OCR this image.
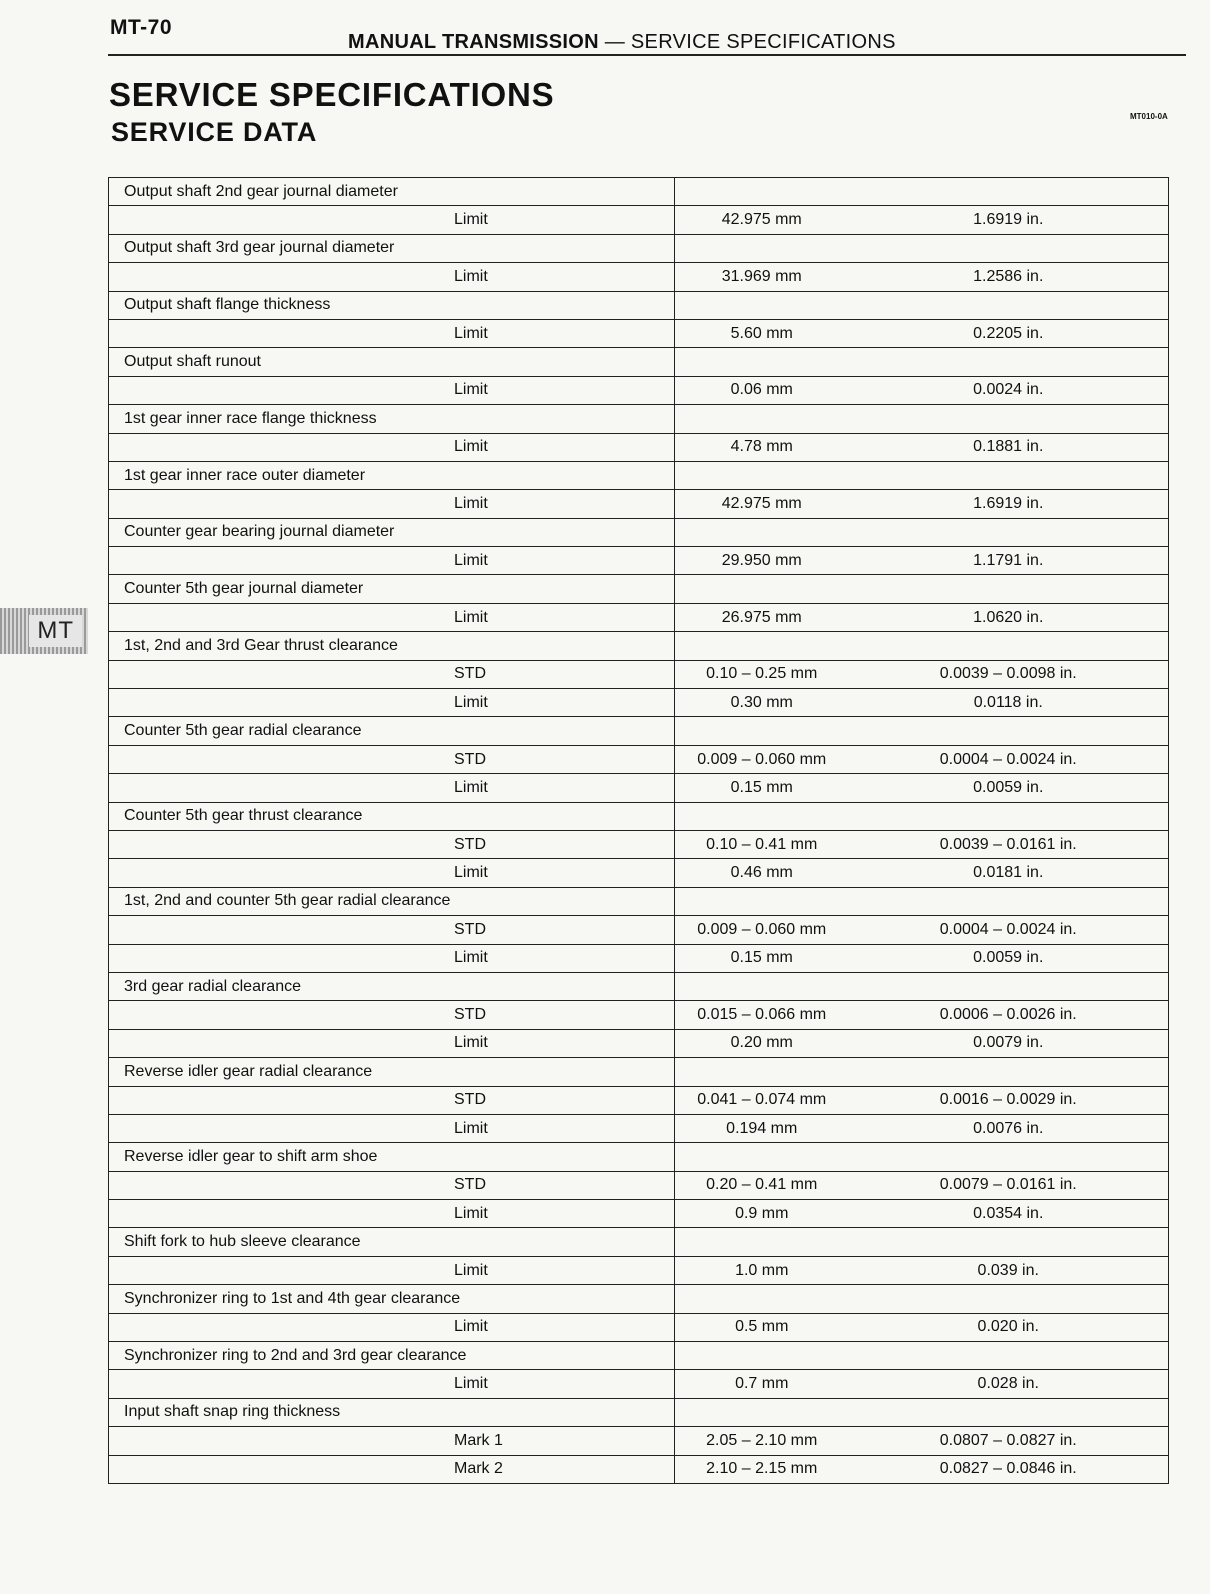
MT-70
MANUAL TRANSMISSION — SERVICE SPECIFICATIONS
SERVICE SPECIFICATIONS
SERVICE DATA
MT010-0A
MT
Output shaft 2nd gear journal diameter		
Limit	42.975 mm	1.6919 in.
Output shaft 3rd gear journal diameter		
Limit	31.969 mm	1.2586 in.
Output shaft flange thickness		
Limit	5.60 mm	0.2205 in.
Output shaft runout		
Limit	0.06 mm	0.0024 in.
1st gear inner race flange thickness		
Limit	4.78 mm	0.1881 in.
1st gear inner race outer diameter		
Limit	42.975 mm	1.6919 in.
Counter gear bearing journal diameter		
Limit	29.950 mm	1.1791 in.
Counter 5th gear journal diameter		
Limit	26.975 mm	1.0620 in.
1st, 2nd and 3rd Gear thrust clearance		
STD	0.10 – 0.25 mm	0.0039 – 0.0098 in.
Limit	0.30 mm	0.0118 in.
Counter 5th gear radial clearance		
STD	0.009 – 0.060 mm	0.0004 – 0.0024 in.
Limit	0.15 mm	0.0059 in.
Counter 5th gear thrust clearance		
STD	0.10 – 0.41 mm	0.0039 – 0.0161 in.
Limit	0.46 mm	0.0181 in.
1st, 2nd and counter 5th gear radial clearance		
STD	0.009 – 0.060 mm	0.0004 – 0.0024 in.
Limit	0.15 mm	0.0059 in.
3rd gear radial clearance		
STD	0.015 – 0.066 mm	0.0006 – 0.0026 in.
Limit	0.20 mm	0.0079 in.
Reverse idler gear radial clearance		
STD	0.041 – 0.074 mm	0.0016 – 0.0029 in.
Limit	0.194 mm	0.0076 in.
Reverse idler gear to shift arm shoe		
STD	0.20 – 0.41 mm	0.0079 – 0.0161 in.
Limit	0.9 mm	0.0354 in.
Shift fork to hub sleeve clearance		
Limit	1.0 mm	0.039 in.
Synchronizer ring to 1st and 4th gear clearance		
Limit	0.5 mm	0.020 in.
Synchronizer ring to 2nd and 3rd gear clearance		
Limit	0.7 mm	0.028 in.
Input shaft snap ring thickness		
Mark 1	2.05 – 2.10 mm	0.0807 – 0.0827 in.
Mark 2	2.10 – 2.15 mm	0.0827 – 0.0846 in.
